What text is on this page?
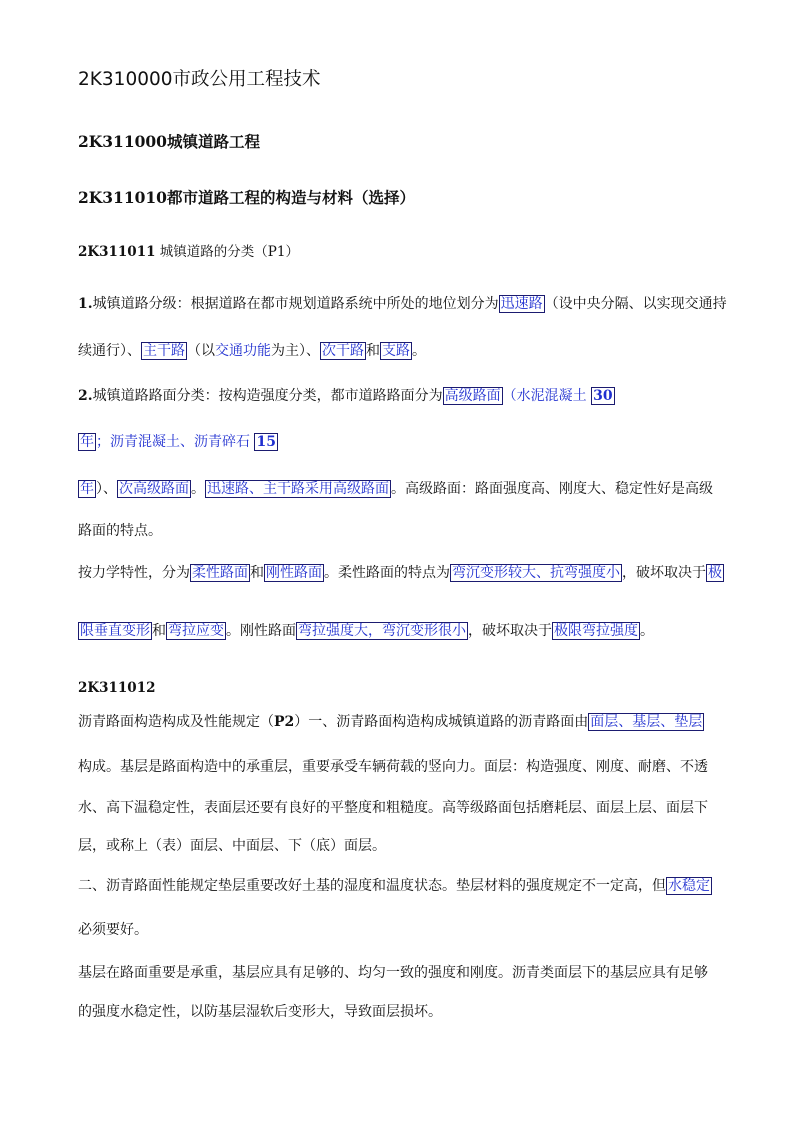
2K310000市政公用工程技术
2K311000城镇道路工程
2K311010都市道路工程的构造与材料（选择）
2K311011 城镇道路的分类（P1）
1.城镇道路分级：根据道路在都市规划道路系统中所处的地位划分为 迅速路 （设中央分隔、以实现交通持
续通行）、 主干路 （以交通功能为主）、 次干路 和 支路 。
2.城镇道路路面分类：按构造强度分类，都市道路路面分为 高级路面 （水泥混凝土 30
年 ；沥青混凝土、沥青碎石 15
年 ）、 次高级路面 。 迅速路、主干路采用高级路面 。高级路面：路面强度高、刚度大、稳定性好是高级
路面的特点。
按力学特性，分为 柔性路面 和 刚性路面 。柔性路面的特点为 弯沉变形较大、抗弯强度小 ，破坏取决于 极
限垂直变形 和 弯拉应变 。刚性路面 弯拉强度大，弯沉变形很小 ，破坏取决于 极限弯拉强度 。
2K311012
沥青路面构造构成及性能规定（P2）一、沥青路面构造构成城镇道路的沥青路面由 面层、基层、垫层
构成。基层是路面构造中的承重层，重要承受车辆荷载的竖向力。面层：构造强度、刚度、耐磨、不透
水、高下温稳定性，表面层还要有良好的平整度和粗糙度。高等级路面包括磨耗层、面层上层、面层下
层，或称上（表）面层、中面层、下（底）面层。
二、沥青路面性能规定垫层重要改好土基的湿度和温度状态。垫层材料的强度规定不一定高，但 水稳定
必须要好。
基层在路面重要是承重，基层应具有足够的、均匀一致的强度和刚度。沥青类面层下的基层应具有足够
的强度水稳定性，以防基层湿软后变形大，导致面层损坏。
